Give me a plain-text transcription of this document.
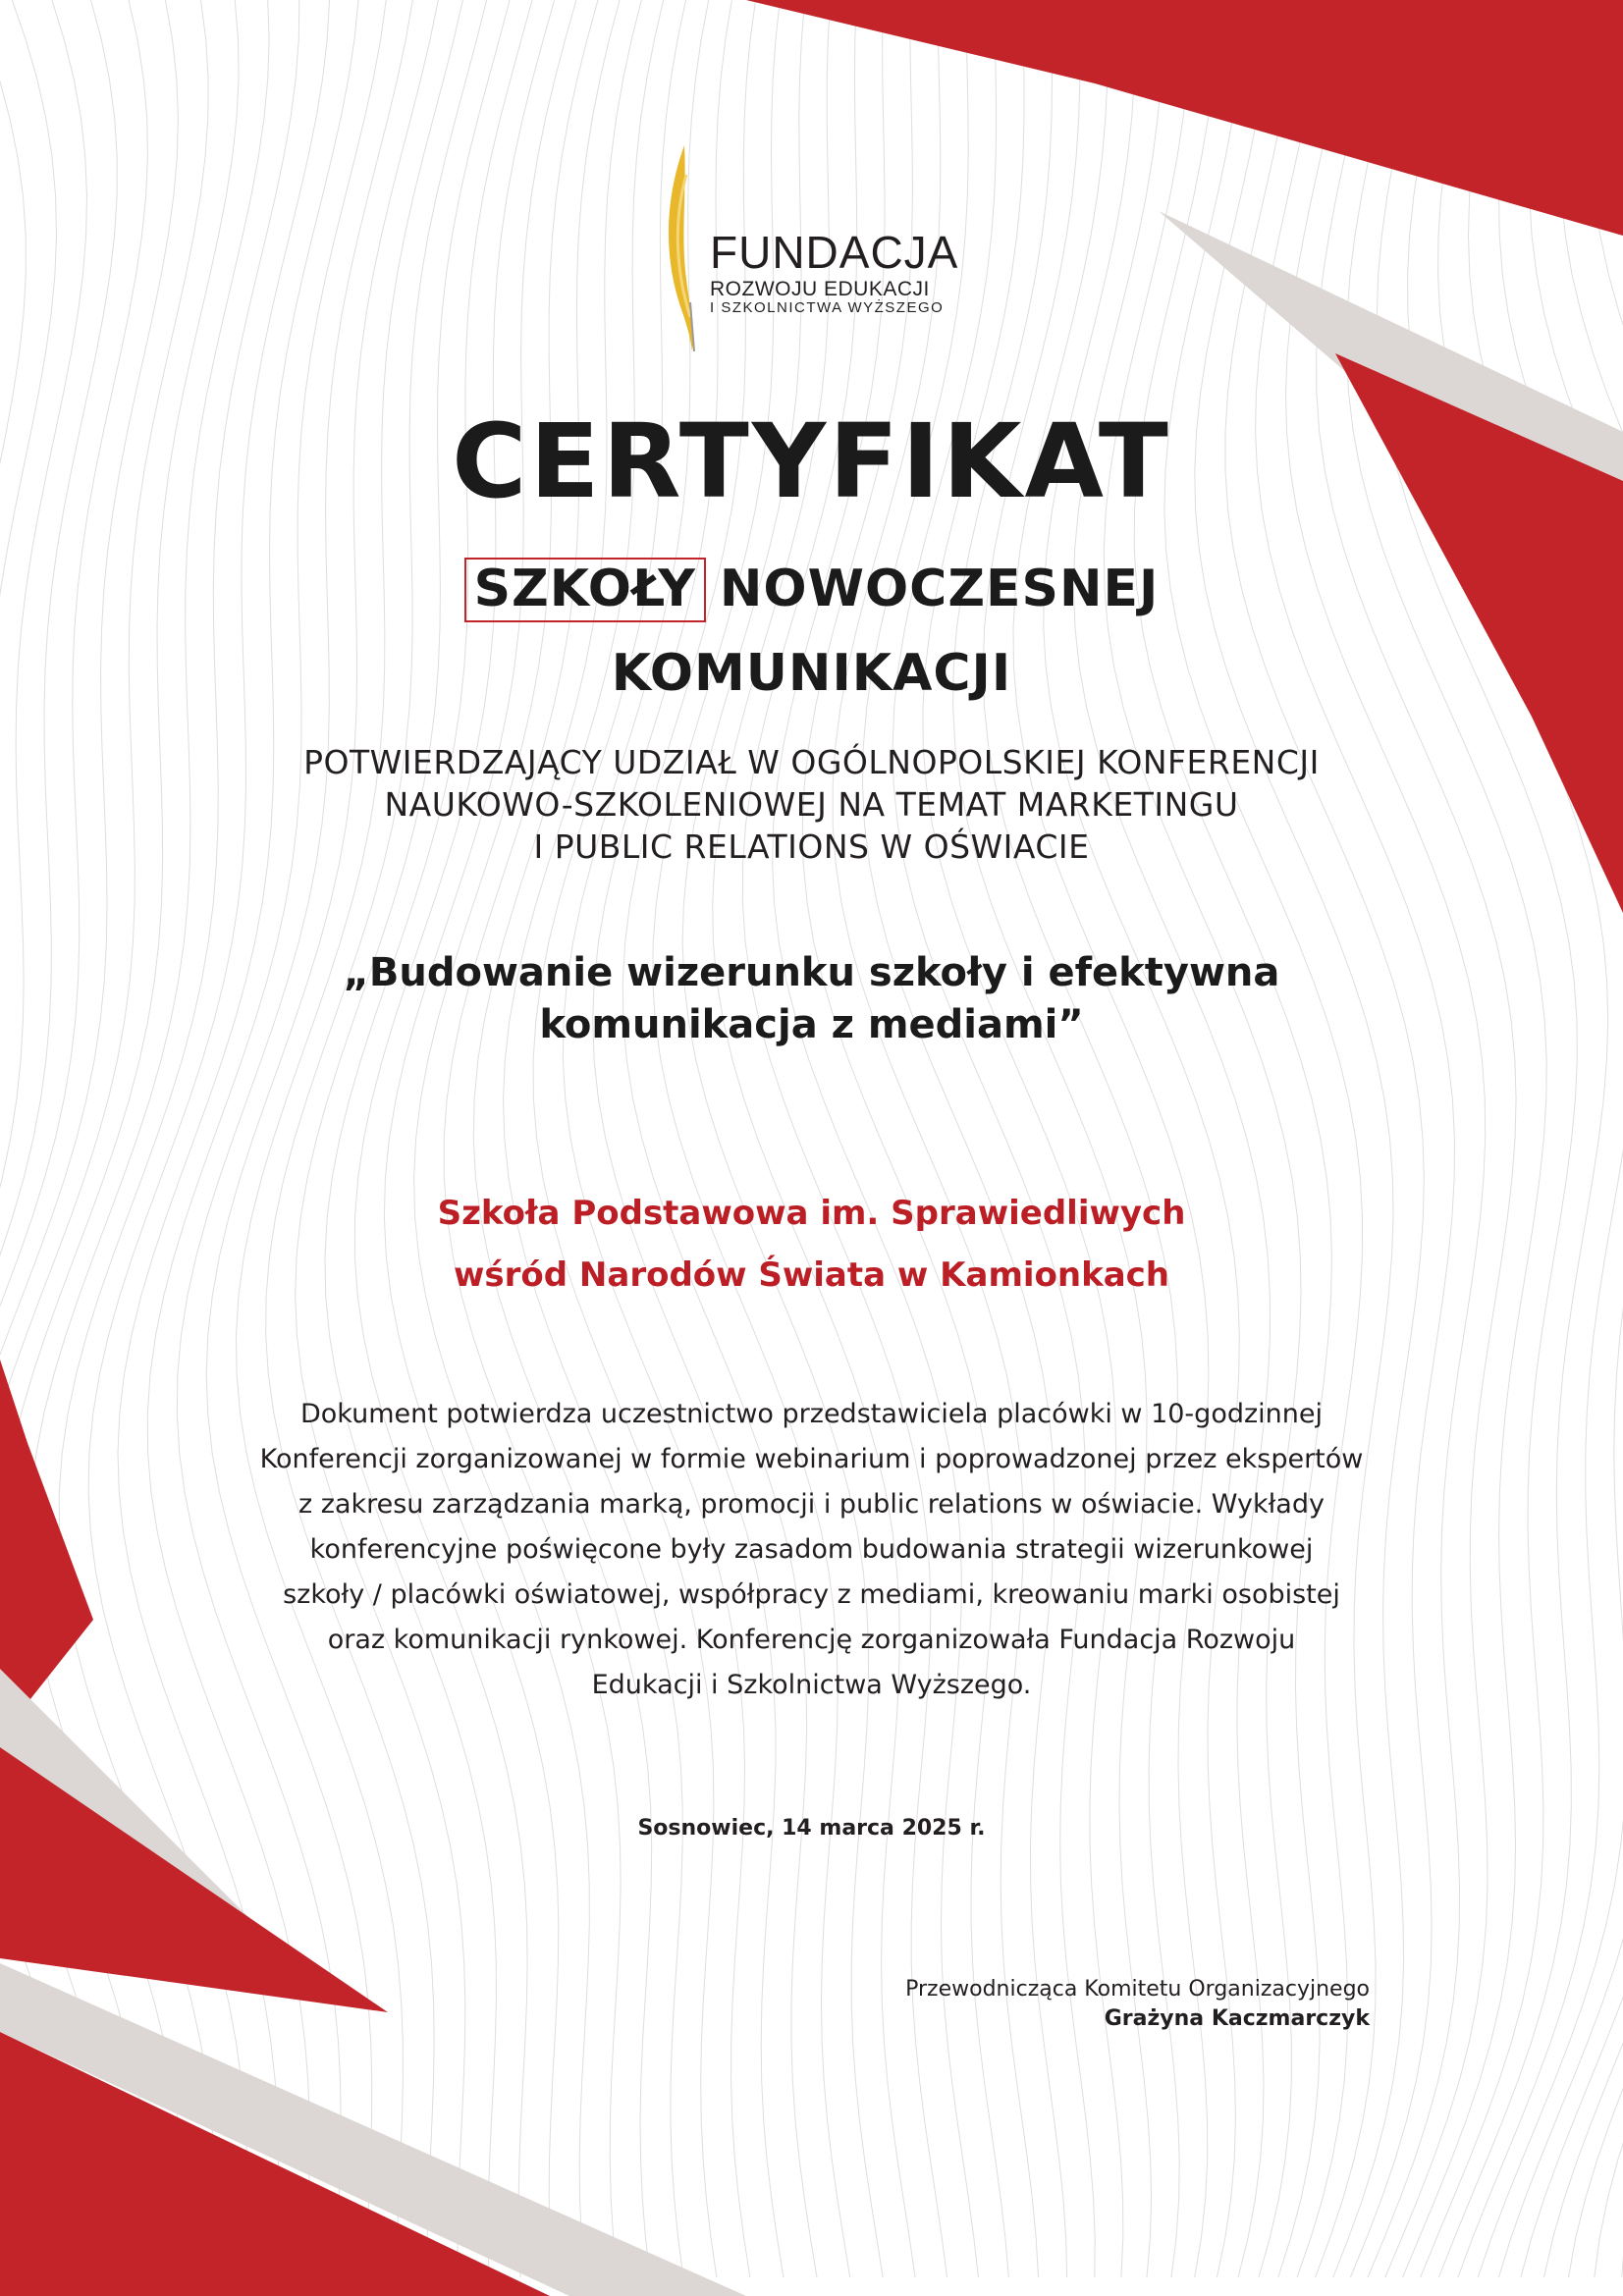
FUNDACJA
ROZWOJU EDUKACJI
I SZKOLNICTWA WYŻSZEGO
CERTYFIKAT
SZKOŁY NOWOCZESNEJ
KOMUNIKACJI
POTWIERDZAJĄCY UDZIAŁ W OGÓLNOPOLSKIEJ KONFERENCJI
NAUKOWO-SZKOLENIOWEJ NA TEMAT MARKETINGU
I PUBLIC RELATIONS W OŚWIACIE
„Budowanie wizerunku szkoły i efektywna
komunikacja z mediami”
Szkoła Podstawowa im. Sprawiedliwych
wśród Narodów Świata w Kamionkach
Dokument potwierdza uczestnictwo przedstawiciela placówki w 10-godzinnej
Konferencji zorganizowanej w formie webinarium i poprowadzonej przez ekspertów
z zakresu zarządzania marką, promocji i public relations w oświacie. Wykłady
konferencyjne poświęcone były zasadom budowania strategii wizerunkowej
szkoły / placówki oświatowej, współpracy z mediami, kreowaniu marki osobistej
oraz komunikacji rynkowej. Konferencję zorganizowała Fundacja Rozwoju
Edukacji i Szkolnictwa Wyższego.
Sosnowiec, 14 marca 2025 r.
Przewodnicząca Komitetu Organizacyjnego
Grażyna Kaczmarczyk
